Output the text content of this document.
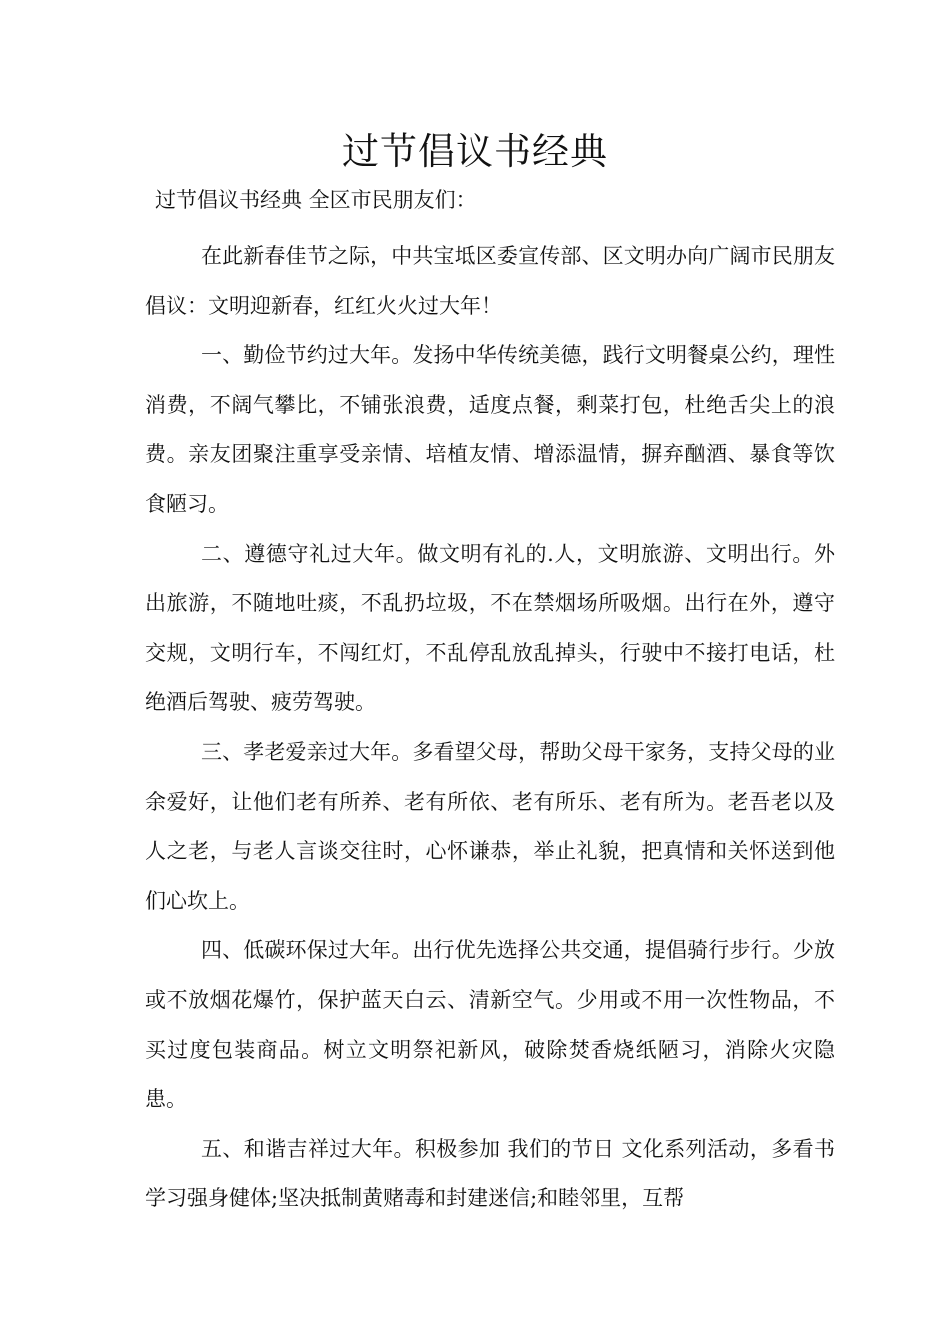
过节倡议书经典
过节倡议书经典 全区市民朋友们：

在此新春佳节之际，中共宝坻区委宣传部、区文明办向广阔市民朋友倡议：文明迎新春，红红火火过大年！

一、勤俭节约过大年。发扬中华传统美德，践行文明餐桌公约，理性消费，不阔气攀比，不铺张浪费，适度点餐，剩菜打包，杜绝舌尖上的浪费。亲友团聚注重享受亲情、培植友情、增添温情，摒弃酗酒、暴食等饮食陋习。

二、遵德守礼过大年。做文明有礼的.人，文明旅游、文明出行。外出旅游，不随地吐痰，不乱扔垃圾，不在禁烟场所吸烟。出行在外，遵守交规，文明行车，不闯红灯，不乱停乱放乱掉头，行驶中不接打电话，杜绝酒后驾驶、疲劳驾驶。

三、孝老爱亲过大年。多看望父母，帮助父母干家务，支持父母的业余爱好，让他们老有所养、老有所依、老有所乐、老有所为。老吾老以及人之老，与老人言谈交往时，心怀谦恭，举止礼貌，把真情和关怀送到他们心坎上。

四、低碳环保过大年。出行优先选择公共交通，提倡骑行步行。少放或不放烟花爆竹，保护蓝天白云、清新空气。少用或不用一次性物品，不买过度包装商品。树立文明祭祀新风，破除焚香烧纸陋习，消除火灾隐患。

五、和谐吉祥过大年。积极参加 我们的节日 文化系列活动，多看书学习强身健体;坚决抵制黄赌毒和封建迷信;和睦邻里，互帮
